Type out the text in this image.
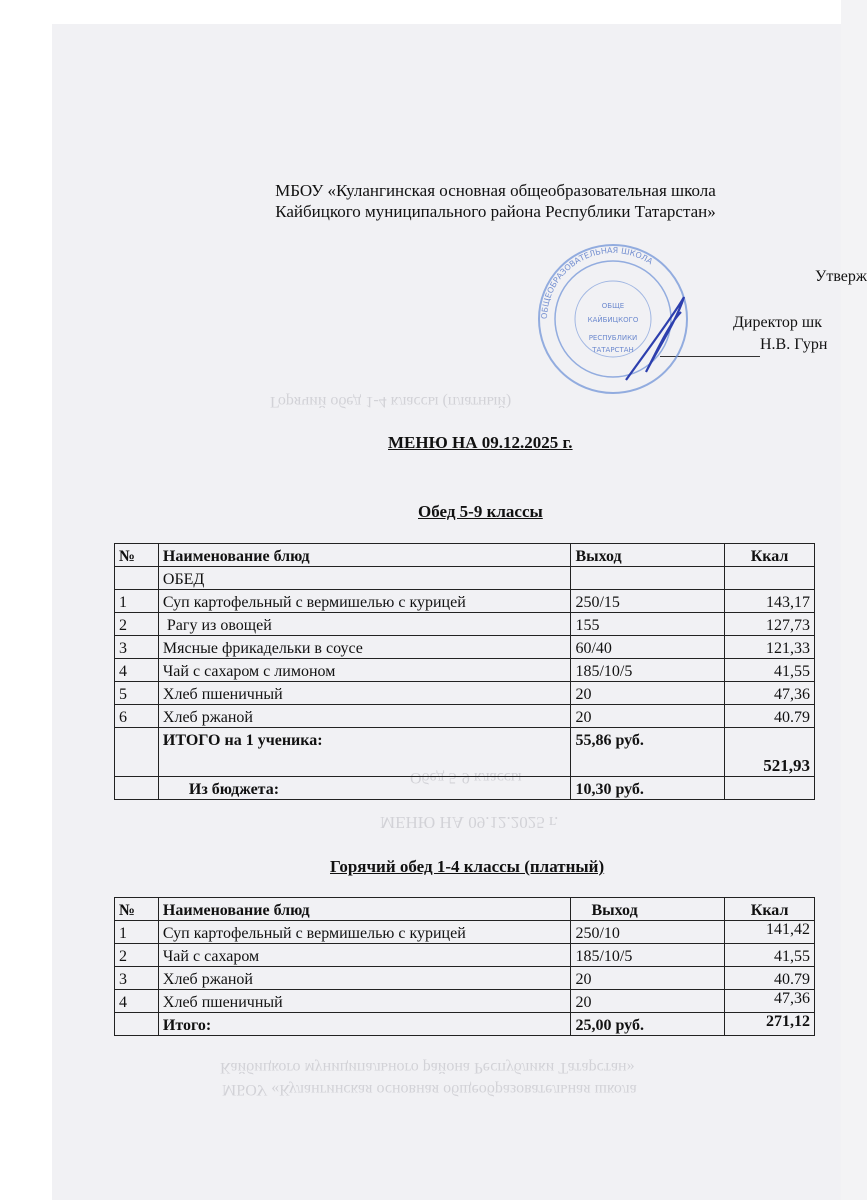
Горячий обед 1-4 классы (платный)
Обед 5-9 классы
МЕНЮ НА 09.12.2025 г.
Кайбицкого муниципального района Республики Татарстан»
МБОУ «Кулангинская основная общеобразовательная школа
МБОУ «Кулангинская основная общеобразовательная школа
Кайбицкого муниципального района Республики Татарстан»
Утверж
Директор шк
Н.В. Гурн
ОБЩЕОБРАЗОВАТЕЛЬНАЯ ШКОЛА
ОБЩЕ
КАЙБИЦКОГО
РЕСПУБЛИКИ
ТАТАРСТАН
МЕНЮ НА 09.12.2025 г.
Обед 5-9 классы
№	Наименование блюд	Выход	Ккал
	ОБЕД		
1	Суп картофельный с вермишелью с курицей	250/15	143,17
2	Рагу из овощей	155	127,73
3	Мясные фрикадельки в соусе	60/40	121,33
4	Чай с сахаром с лимоном	185/10/5	41,55
5	Хлеб пшеничный	20	47,36
6	Хлеб ржаной	20	40.79
	ИТОГО на 1 ученика:	55,86 руб.	521,93
	Из бюджета:	10,30 руб.	
Горячий обед 1-4 классы (платный)
№	Наименование блюд	Выход	Ккал
1	Суп картофельный с вермишелью с курицей	250/10	141,42
2	Чай с сахаром	185/10/5	41,55
3	Хлеб ржаной	20	40.79
4	Хлеб пшеничный	20	47,36
	Итого:	25,00 руб.	271,12
